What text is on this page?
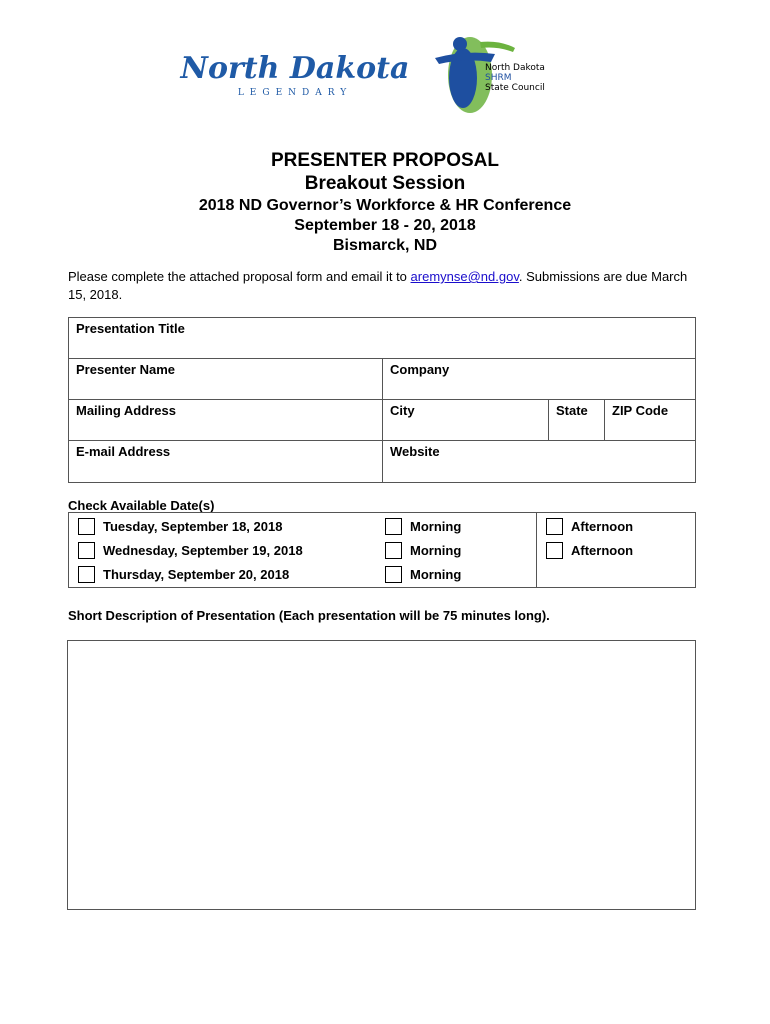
North Dakota
LEGENDARY
North Dakota
SHRM
State Council
PRESENTER PROPOSAL
Breakout Session
2018 ND Governor’s Workforce & HR Conference
September 18 - 20, 2018
Bismarck, ND
Please complete the attached proposal form and email it to aremynse@nd.gov. Submissions are due March 15, 2018.
Presentation Title
Presenter Name	Company
Mailing Address	City	State	ZIP Code
E-mail Address	Website
Check Available Date(s)
Tuesday, September 18, 2018	Morning	Afternoon
Wednesday, September 19, 2018	Morning	Afternoon
Thursday, September 20, 2018	Morning
Short Description of Presentation (Each presentation will be 75 minutes long).
